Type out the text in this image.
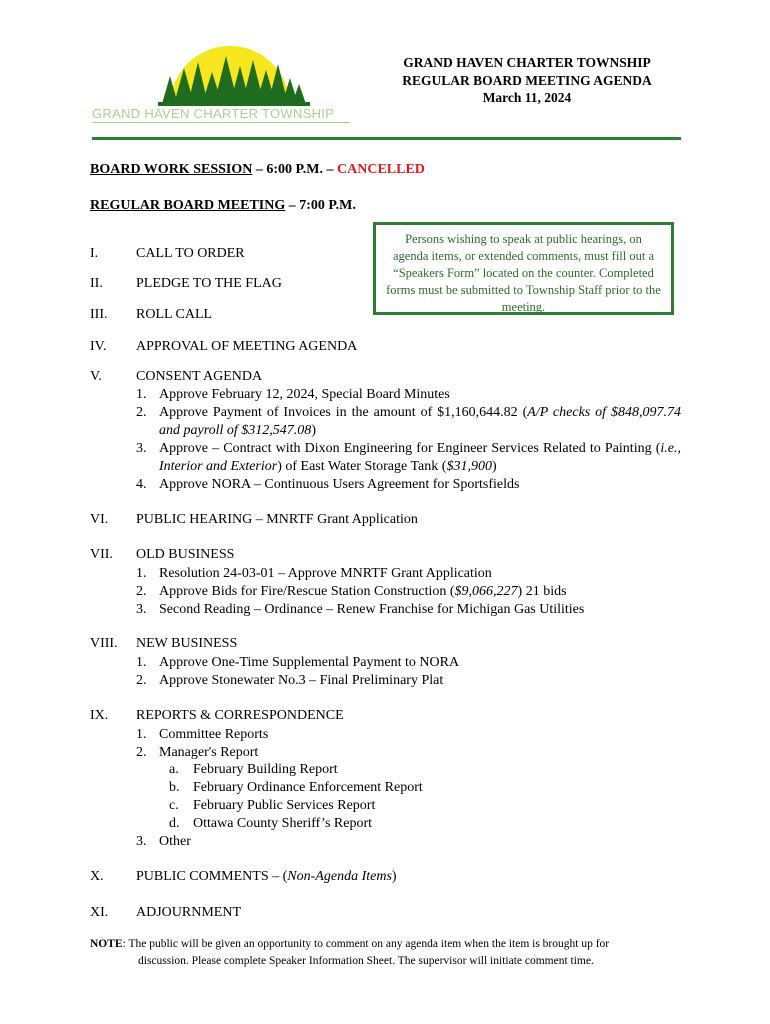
GRAND HAVEN CHARTER TOWNSHIP
GRAND HAVEN CHARTER TOWNSHIP
REGULAR BOARD MEETING AGENDA
March 11, 2024
BOARD WORK SESSION – 6:00 P.M. – CANCELLED
REGULAR BOARD MEETING – 7:00 P.M.
Persons wishing to speak at public hearings, on agenda items, or extended comments, must fill out a “Speakers Form” located on the counter. Completed forms must be submitted to Township Staff prior to the meeting.
I.	CALL TO ORDER
II. PLEDGE TO THE FLAG
III. ROLL CALL
IV. APPROVAL OF MEETING AGENDA
V. CONSENT AGENDA
1. Approve February 12, 2024, Special Board Minutes
2. Approve Payment of Invoices in the amount of $1,160,644.82 (A/P checks of $848,097.74 and payroll of $312,547.08)
3. Approve – Contract with Dixon Engineering for Engineer Services Related to Painting (i.e., Interior and Exterior) of East Water Storage Tank ($31,900)
4. Approve NORA – Continuous Users Agreement for Sportsfields
VI. PUBLIC HEARING – MNRTF Grant Application
VII. OLD BUSINESS
1. Resolution 24-03-01 – Approve MNRTF Grant Application
2. Approve Bids for Fire/Rescue Station Construction ($9,066,227) 21 bids
3. Second Reading – Ordinance – Renew Franchise for Michigan Gas Utilities
VIII. NEW BUSINESS
1. Approve One-Time Supplemental Payment to NORA
2. Approve Stonewater No.3 – Final Preliminary Plat
IX. REPORTS & CORRESPONDENCE
1. Committee Reports
2. Manager's Report
a. February Building Report
b. February Ordinance Enforcement Report
c. February Public Services Report
d. Ottawa County Sheriff’s Report
3. Other
X. PUBLIC COMMENTS – (Non-Agenda Items)
XI. ADJOURNMENT
NOTE: The public will be given an opportunity to comment on any agenda item when the item is brought up for
discussion. Please complete Speaker Information Sheet. The supervisor will initiate comment time.
